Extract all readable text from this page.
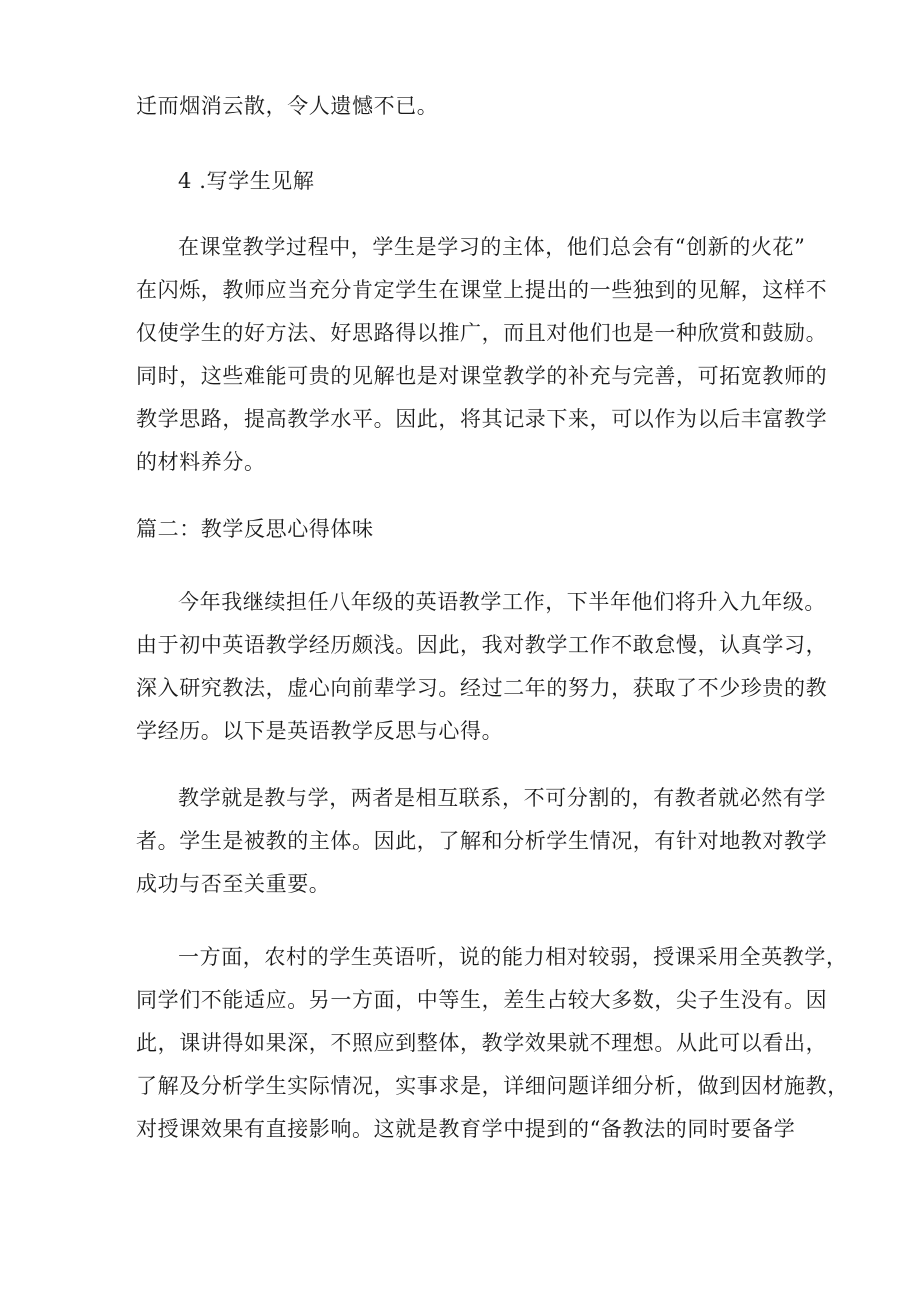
迁而烟消云散，令人遗憾不已。
4 .写学生见解
在课堂教学过程中，学生是学习的主体，他们总会有“创新的火花”
在闪烁，教师应当充分肯定学生在课堂上提出的一些独到的见解，这样不
仅使学生的好方法、好思路得以推广，而且对他们也是一种欣赏和鼓励。
同时，这些难能可贵的见解也是对课堂教学的补充与完善，可拓宽教师的
教学思路，提高教学水平。因此，将其记录下来，可以作为以后丰富教学
的材料养分。
篇二：教学反思心得体味
今年我继续担任八年级的英语教学工作，下半年他们将升入九年级。
由于初中英语教学经历颇浅。因此，我对教学工作不敢怠慢，认真学习，
深入研究教法，虚心向前辈学习。经过二年的努力，获取了不少珍贵的教
学经历。以下是英语教学反思与心得。
教学就是教与学，两者是相互联系，不可分割的，有教者就必然有学
者。学生是被教的主体。因此，了解和分析学生情况，有针对地教对教学
成功与否至关重要。
一方面，农村的学生英语听，说的能力相对较弱，授课采用全英教学，
同学们不能适应。另一方面，中等生，差生占较大多数，尖子生没有。因
此，课讲得如果深，不照应到整体，教学效果就不理想。从此可以看出，
了解及分析学生实际情况，实事求是，详细问题详细分析，做到因材施教，
对授课效果有直接影响。这就是教育学中提到的“备教法的同时要备学
